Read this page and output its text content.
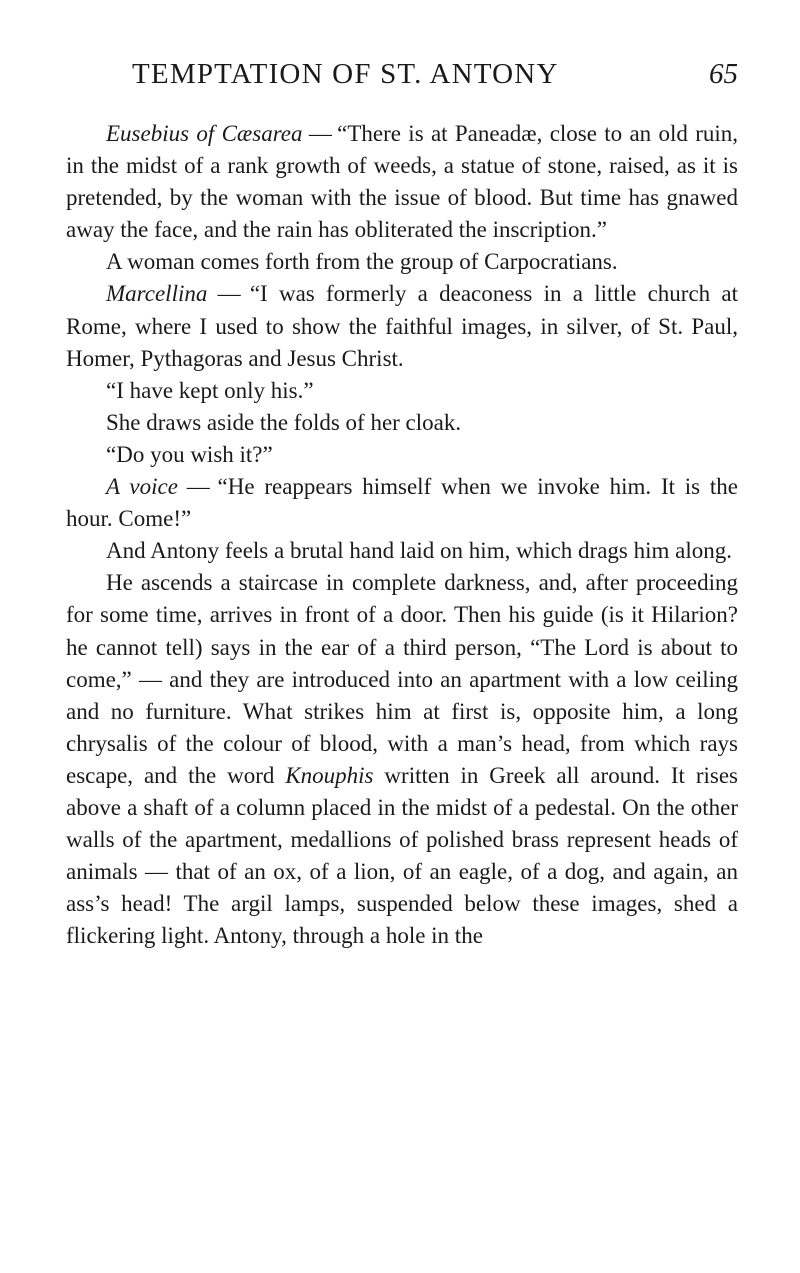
TEMPTATION OF ST. ANTONY	65

Eusebius of Cæsarea — “There is at Paneadæ, close to an old ruin, in the midst of a rank growth of weeds, a statue of stone, raised, as it is pretended, by the woman with the issue of blood. But time has gnawed away the face, and the rain has obliterated the inscription.”

A woman comes forth from the group of Carpocratians.

Marcellina — “I was formerly a deaconess in a little church at Rome, where I used to show the faithful images, in silver, of St. Paul, Homer, Pythagoras and Jesus Christ.

“I have kept only his.”

She draws aside the folds of her cloak.

“Do you wish it?”

A voice — “He reappears himself when we invoke him. It is the hour. Come!”

And Antony feels a brutal hand laid on him, which drags him along.

He ascends a staircase in complete darkness, and, after proceeding for some time, arrives in front of a door. Then his guide (is it Hilarion? he cannot tell) says in the ear of a third person, “The Lord is about to come,” — and they are introduced into an apartment with a low ceiling and no furniture. What strikes him at first is, opposite him, a long chrysalis of the colour of blood, with a man’s head, from which rays escape, and the word Knouphis written in Greek all around. It rises above a shaft of a column placed in the midst of a pedestal. On the other walls of the apartment, medallions of polished brass represent heads of animals — that of an ox, of a lion, of an eagle, of a dog, and again, an ass’s head! The argil lamps, suspended below these images, shed a flickering light. Antony, through a hole in the
